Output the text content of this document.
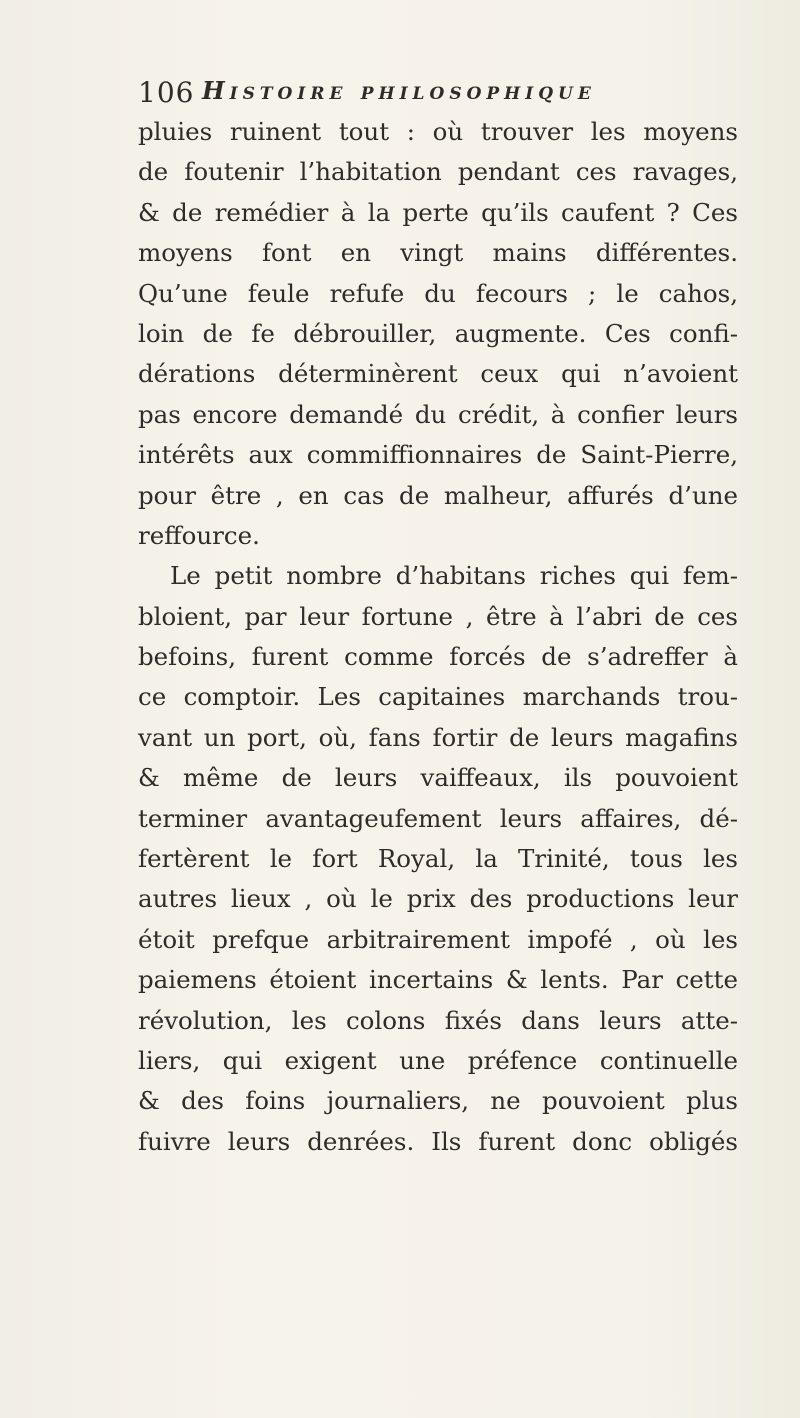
106 Histoire philosophique
pluies ruinent tout : où trouver les moyens
de foutenir l’habitation pendant ces ravages,
& de remédier à la perte qu’ils caufent ? Ces
moyens font en vingt mains différentes.
Qu’une feule refufe du fecours ; le cahos,
loin de fe débrouiller, augmente. Ces confi-
dérations déterminèrent ceux qui n’avoient
pas encore demandé du crédit, à confier leurs
intérêts aux commiffionnaires de Saint-Pierre,
pour être , en cas de malheur, affurés d’une
reffource.
Le petit nombre d’habitans riches qui fem-
bloient, par leur fortune , être à l’abri de ces
befoins, furent comme forcés de s’adreffer à
ce comptoir. Les capitaines marchands trou-
vant un port, où, fans fortir de leurs magafins
& même de leurs vaiffeaux, ils pouvoient
terminer avantageufement leurs affaires, dé-
fertèrent le fort Royal, la Trinité, tous les
autres lieux , où le prix des productions leur
étoit prefque arbitrairement impofé , où les
paiemens étoient incertains & lents. Par cette
révolution, les colons fixés dans leurs atte-
liers, qui exigent une préfence continuelle
& des foins journaliers, ne pouvoient plus
fuivre leurs denrées. Ils furent donc obligés
